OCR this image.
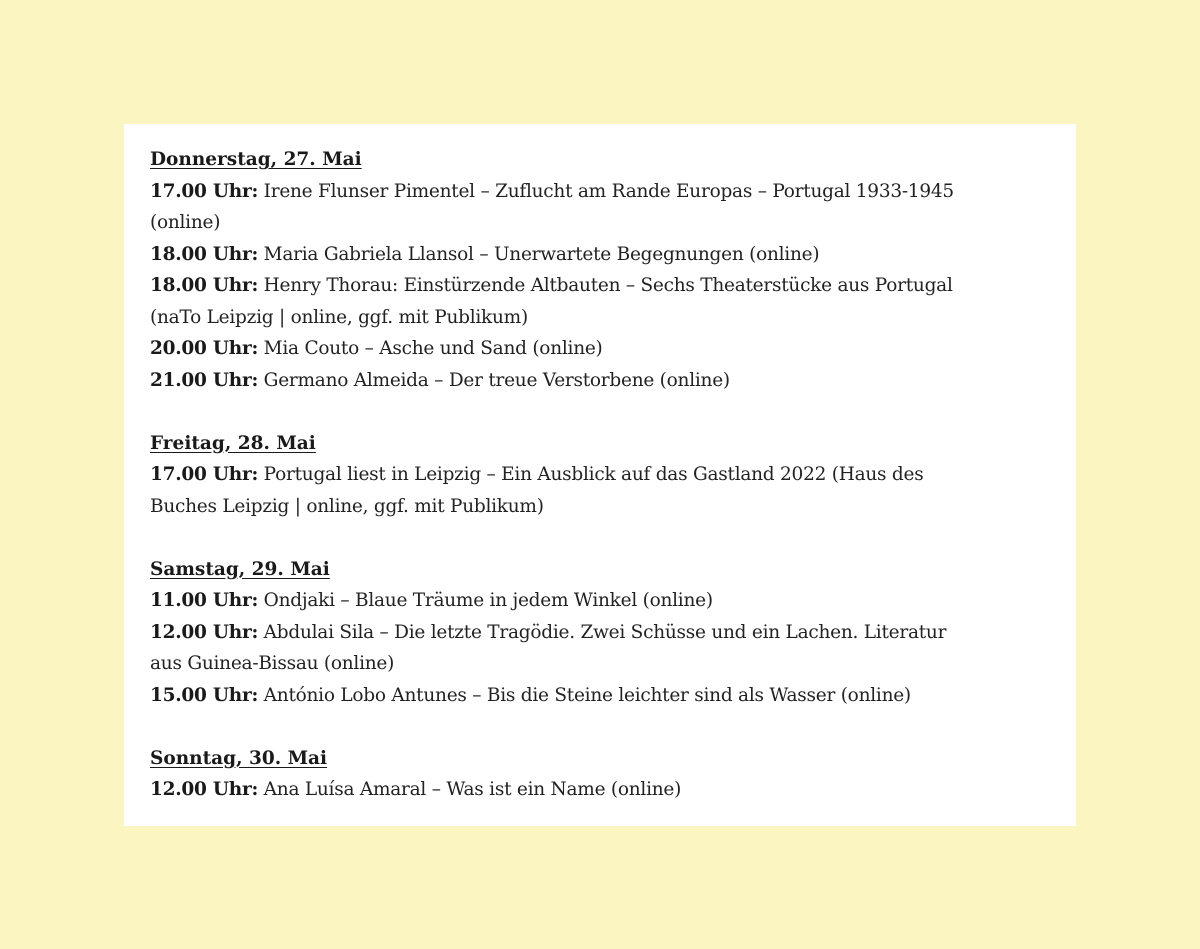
Donnerstag, 27. Mai

17.00 Uhr: Irene Flunser Pimentel – Zuflucht am Rande Europas – Portugal 1933-1945 (online)
18.00 Uhr: Maria Gabriela Llansol – Unerwartete Begegnungen (online)
18.00 Uhr: Henry Thorau: Einstürzende Altbauten – Sechs Theaterstücke aus Portugal (naTo Leipzig | online, ggf. mit Publikum)
20.00 Uhr: Mia Couto – Asche und Sand (online)
21.00 Uhr: Germano Almeida – Der treue Verstorbene (online)

Freitag, 28. Mai

17.00 Uhr: Portugal liest in Leipzig – Ein Ausblick auf das Gastland 2022 (Haus des Buches Leipzig | online, ggf. mit Publikum)

Samstag, 29. Mai

11.00 Uhr: Ondjaki – Blaue Träume in jedem Winkel (online)
12.00 Uhr: Abdulai Sila – Die letzte Tragödie. Zwei Schüsse und ein Lachen. Literatur aus Guinea-Bissau (online)
15.00 Uhr: António Lobo Antunes – Bis die Steine leichter sind als Wasser (online)

Sonntag, 30. Mai

12.00 Uhr: Ana Luísa Amaral – Was ist ein Name (online)
